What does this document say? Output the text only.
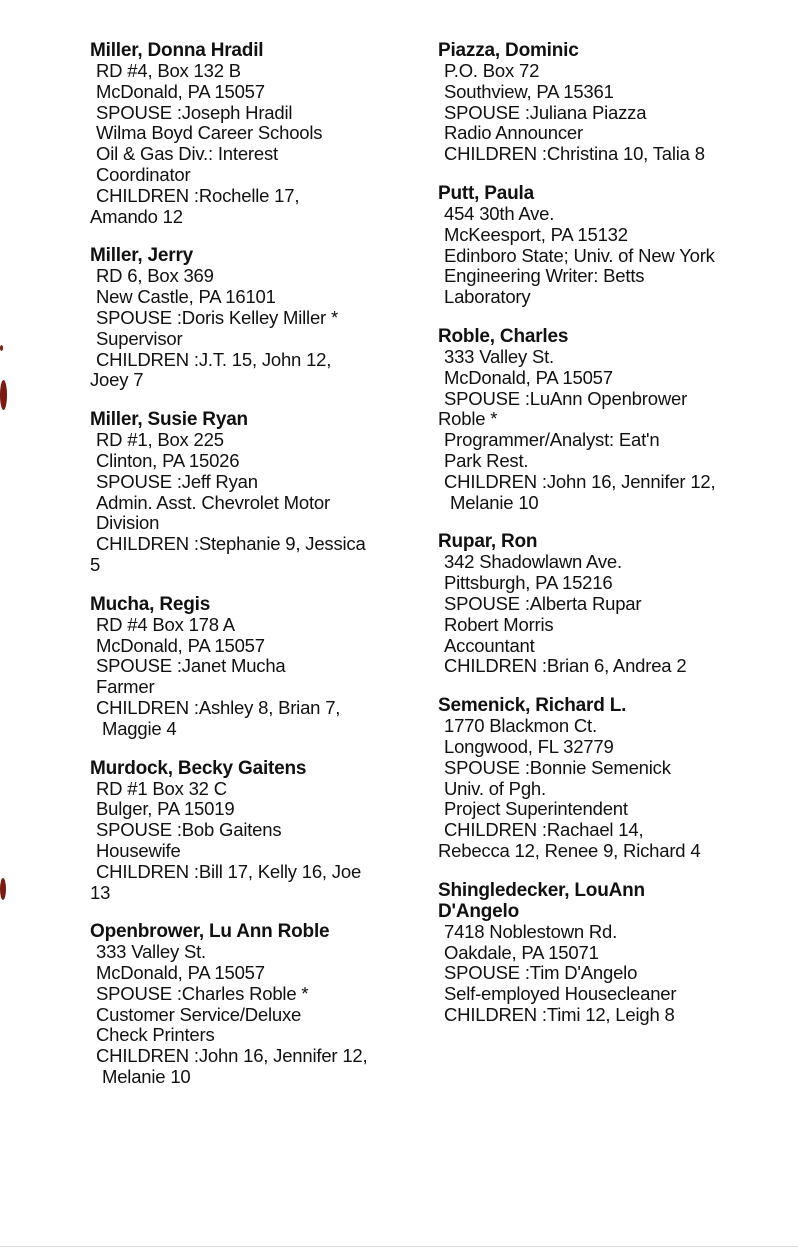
Miller, Donna Hradil
RD #4, Box 132 B
McDonald, PA 15057
SPOUSE :Joseph Hradil
Wilma Boyd Career Schools
Oil & Gas Div.: Interest
Coordinator
CHILDREN :Rochelle 17,
Amando 12
Miller, Jerry
RD 6, Box 369
New Castle, PA 16101
SPOUSE :Doris Kelley Miller *
Supervisor
CHILDREN :J.T. 15, John 12,
Joey 7
Miller, Susie Ryan
RD #1, Box 225
Clinton, PA 15026
SPOUSE :Jeff Ryan
Admin. Asst. Chevrolet Motor
Division
CHILDREN :Stephanie 9, Jessica
5
Mucha, Regis
RD #4 Box 178 A
McDonald, PA 15057
SPOUSE :Janet Mucha
Farmer
CHILDREN :Ashley 8, Brian 7,
Maggie 4
Murdock, Becky Gaitens
RD #1 Box 32 C
Bulger, PA 15019
SPOUSE :Bob Gaitens
Housewife
CHILDREN :Bill 17, Kelly 16, Joe
13
Openbrower, Lu Ann Roble
333 Valley St.
McDonald, PA 15057
SPOUSE :Charles Roble *
Customer Service/Deluxe
Check Printers
CHILDREN :John 16, Jennifer 12,
Melanie 10
Piazza, Dominic
P.O. Box 72
Southview, PA 15361
SPOUSE :Juliana Piazza
Radio Announcer
CHILDREN :Christina 10, Talia 8
Putt, Paula
454 30th Ave.
McKeesport, PA 15132
Edinboro State; Univ. of New York
Engineering Writer: Betts
Laboratory
Roble, Charles
333 Valley St.
McDonald, PA 15057
SPOUSE :LuAnn Openbrower
Roble *
Programmer/Analyst: Eat'n
Park Rest.
CHILDREN :John 16, Jennifer 12,
Melanie 10
Rupar, Ron
342 Shadowlawn Ave.
Pittsburgh, PA 15216
SPOUSE :Alberta Rupar
Robert Morris
Accountant
CHILDREN :Brian 6, Andrea 2
Semenick, Richard L.
1770 Blackmon Ct.
Longwood, FL 32779
SPOUSE :Bonnie Semenick
Univ. of Pgh.
Project Superintendent
CHILDREN :Rachael 14,
Rebecca 12, Renee 9, Richard 4
Shingledecker, LouAnn
D'Angelo
7418 Noblestown Rd.
Oakdale, PA 15071
SPOUSE :Tim D'Angelo
Self-employed Housecleaner
CHILDREN :Timi 12, Leigh 8
